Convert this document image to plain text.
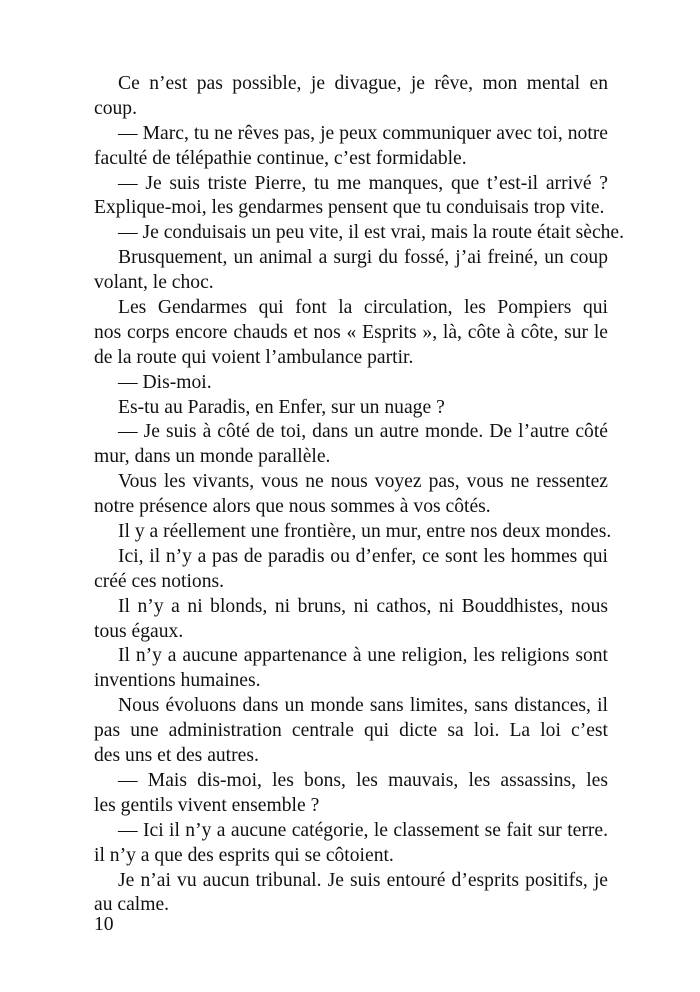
Ce n’est pas possible, je divague, je rêve, mon mental en
coup.
— Marc, tu ne rêves pas, je peux communiquer avec toi, notre
faculté de télépathie continue, c’est formidable.
— Je suis triste Pierre, tu me manques, que t’est-il arrivé ?
Explique-moi, les gendarmes pensent que tu conduisais trop vite.
— Je conduisais un peu vite, il est vrai, mais la route était sèche.
Brusquement, un animal a surgi du fossé, j’ai freiné, un coup
volant, le choc.
Les Gendarmes qui font la circulation, les Pompiers qui
nos corps encore chauds et nos « Esprits », là, côte à côte, sur le
de la route qui voient l’ambulance partir.
— Dis-moi.
Es-tu au Paradis, en Enfer, sur un nuage ?
— Je suis à côté de toi, dans un autre monde. De l’autre côté
mur, dans un monde parallèle.
Vous les vivants, vous ne nous voyez pas, vous ne ressentez
notre présence alors que nous sommes à vos côtés.
Il y a réellement une frontière, un mur, entre nos deux mondes.
Ici, il n’y a pas de paradis ou d’enfer, ce sont les hommes qui
créé ces notions.
Il n’y a ni blonds, ni bruns, ni cathos, ni Bouddhistes, nous
tous égaux.
Il n’y a aucune appartenance à une religion, les religions sont
inventions humaines.
Nous évoluons dans un monde sans limites, sans distances, il
pas une administration centrale qui dicte sa loi. La loi c’est
des uns et des autres.
— Mais dis-moi, les bons, les mauvais, les assassins, les
les gentils vivent ensemble ?
— Ici il n’y a aucune catégorie, le classement se fait sur terre.
il n’y a que des esprits qui se côtoient.
Je n’ai vu aucun tribunal. Je suis entouré d’esprits positifs, je
au calme.
10
